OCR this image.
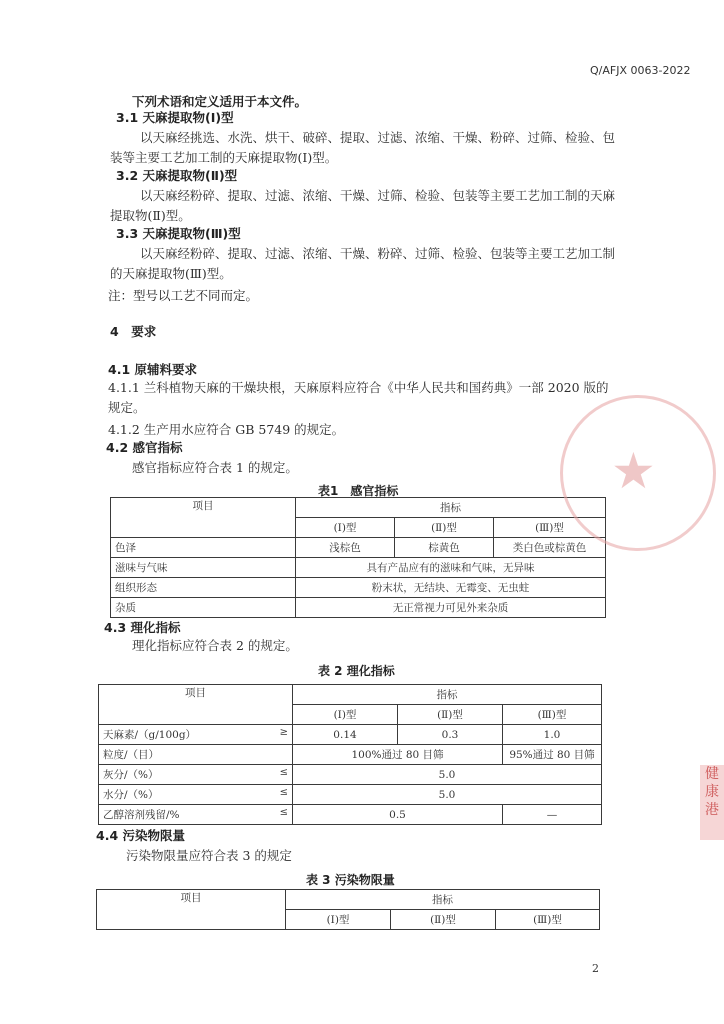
Q/AFJX 0063-2022
下列术语和定义适用于本文件。
3.1 天麻提取物(Ⅰ)型
以天麻经挑选、水洗、烘干、破碎、提取、过滤、浓缩、干燥、粉碎、过筛、检验、包
装等主要工艺加工制的天麻提取物(Ⅰ)型。
3.2 天麻提取物(Ⅱ)型
以天麻经粉碎、提取、过滤、浓缩、干燥、过筛、检验、包装等主要工艺加工制的天麻
提取物(Ⅱ)型。
3.3 天麻提取物(Ⅲ)型
以天麻经粉碎、提取、过滤、浓缩、干燥、粉碎、过筛、检验、包装等主要工艺加工制
的天麻提取物(Ⅲ)型。
注：型号以工艺不同而定。
4　要求
4.1 原辅料要求
4.1.1 兰科植物天麻的干燥块根，天麻原料应符合《中华人民共和国药典》一部 2020 版的
规定。
4.1.2 生产用水应符合 GB 5749 的规定。
4.2 感官指标
感官指标应符合表 1 的规定。
表1　感官指标
项目	指标		
	(Ⅰ)型	(Ⅱ)型	(Ⅲ)型
色泽	浅棕色	棕黄色	类白色或棕黄色
滋味与气味	具有产品应有的滋味和气味，无异味		
组织形态	粉末状，无结块、无霉变、无虫蛀		
杂质	无正常视力可见外来杂质		
4.3 理化指标
理化指标应符合表 2 的规定。
表 2 理化指标
项目	指标		
	(Ⅰ)型	(Ⅱ)型	(Ⅲ)型
天麻素/（g/100g） ≥	0.14	0.3	1.0
粒度/（目）	100%通过 80 目筛		95%通过 80 目筛
灰分/（%） ≤	5.0		
水分/（%） ≤	5.0		
乙醇溶剂残留/% ≤	0.5		—
4.4 污染物限量
污染物限量应符合表 3 的规定
表 3 污染物限量
项目	指标		
	(Ⅰ)型	(Ⅱ)型	(Ⅲ)型
★
健康港
2
